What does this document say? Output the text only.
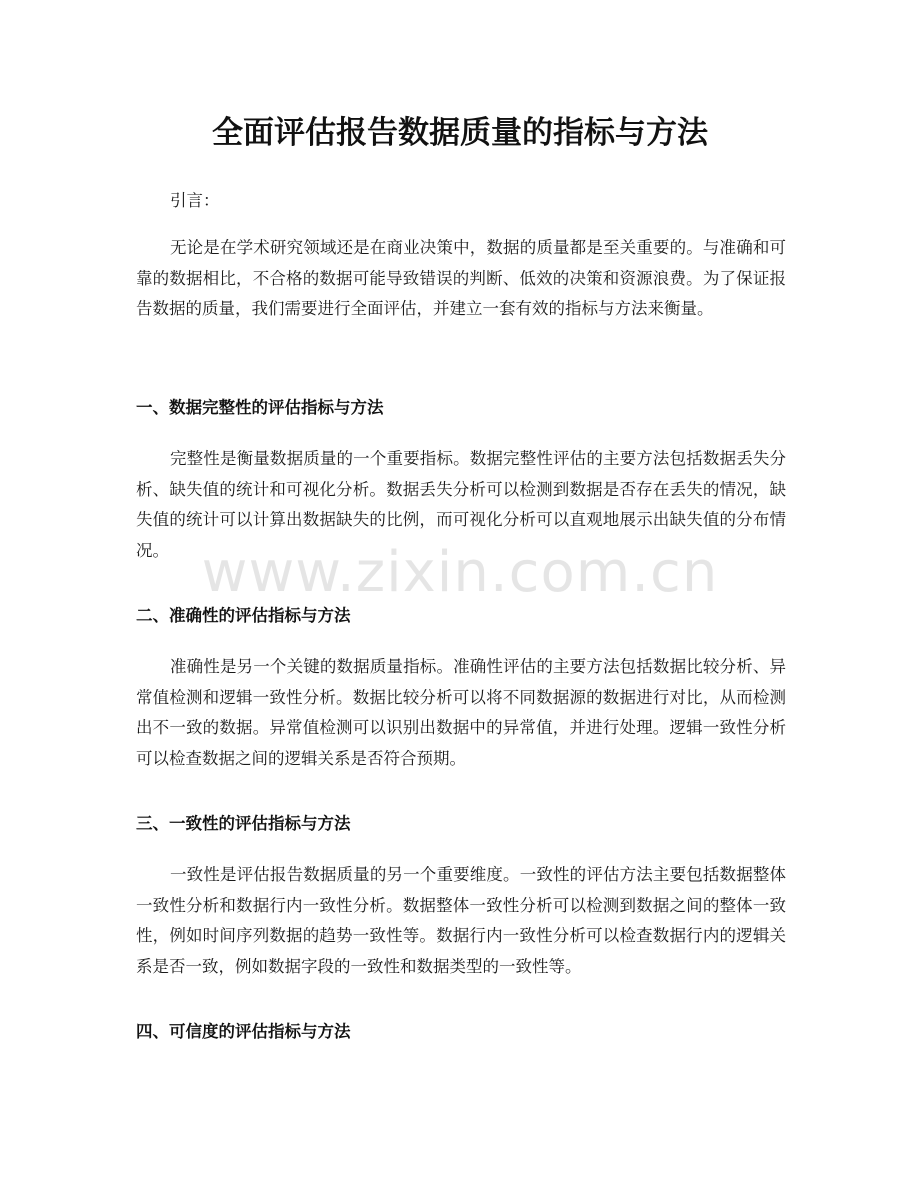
全面评估报告数据质量的指标与方法

引言：

无论是在学术研究领域还是在商业决策中，数据的质量都是至关重要的。与准确和可靠的数据相比，不合格的数据可能导致错误的判断、低效的决策和资源浪费。为了保证报告数据的质量，我们需要进行全面评估，并建立一套有效的指标与方法来衡量。

一、数据完整性的评估指标与方法

完整性是衡量数据质量的一个重要指标。数据完整性评估的主要方法包括数据丢失分析、缺失值的统计和可视化分析。数据丢失分析可以检测到数据是否存在丢失的情况，缺失值的统计可以计算出数据缺失的比例，而可视化分析可以直观地展示出缺失值的分布情况。

二、准确性的评估指标与方法

准确性是另一个关键的数据质量指标。准确性评估的主要方法包括数据比较分析、异常值检测和逻辑一致性分析。数据比较分析可以将不同数据源的数据进行对比，从而检测出不一致的数据。异常值检测可以识别出数据中的异常值，并进行处理。逻辑一致性分析可以检查数据之间的逻辑关系是否符合预期。

三、一致性的评估指标与方法

一致性是评估报告数据质量的另一个重要维度。一致性的评估方法主要包括数据整体一致性分析和数据行内一致性分析。数据整体一致性分析可以检测到数据之间的整体一致性，例如时间序列数据的趋势一致性等。数据行内一致性分析可以检查数据行内的逻辑关系是否一致，例如数据字段的一致性和数据类型的一致性等。

四、可信度的评估指标与方法
www.zixin.com.cn
